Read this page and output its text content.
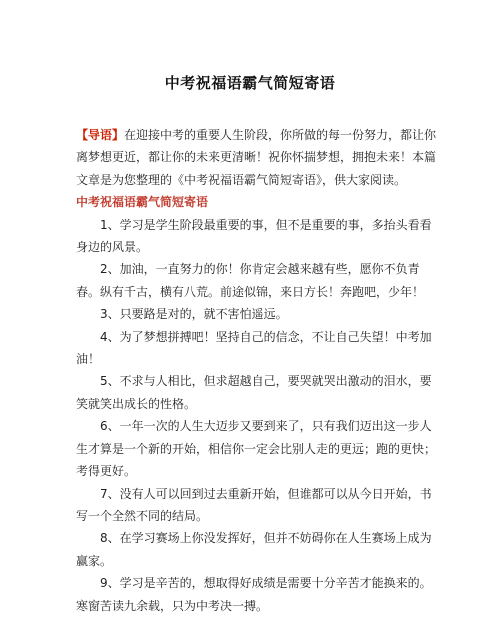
中考祝福语霸气简短寄语

【导语】在迎接中考的重要人生阶段，你所做的每一份努力，都让你离梦想更近，都让你的未来更清晰！祝你怀揣梦想，拥抱未来！本篇文章是为您整理的《中考祝福语霸气简短寄语》，供大家阅读。

中考祝福语霸气简短寄语

1、学习是学生阶段最重要的事，但不是重要的事，多抬头看看身边的风景。

2、加油，一直努力的你！你肯定会越来越有些，愿你不负青春。纵有千古，横有八荒。前途似锦，来日方长！奔跑吧，少年！

3、只要路是对的，就不害怕遥远。

4、为了梦想拼搏吧！坚持自己的信念，不让自己失望！中考加油！

5、不求与人相比，但求超越自己，要哭就哭出激动的泪水，要笑就笑出成长的性格。

6、一年一次的人生大迈步又要到来了，只有我们迈出这一步人生才算是一个新的开始，相信你一定会比别人走的更远；跑的更快；考得更好。

7、没有人可以回到过去重新开始，但谁都可以从今日开始，书写一个全然不同的结局。

8、在学习赛场上你没发挥好，但并不妨碍你在人生赛场上成为赢家。

9、学习是辛苦的，想取得好成绩是需要十分辛苦才能换来的。寒窗苦读九余载，只为中考决一搏。
